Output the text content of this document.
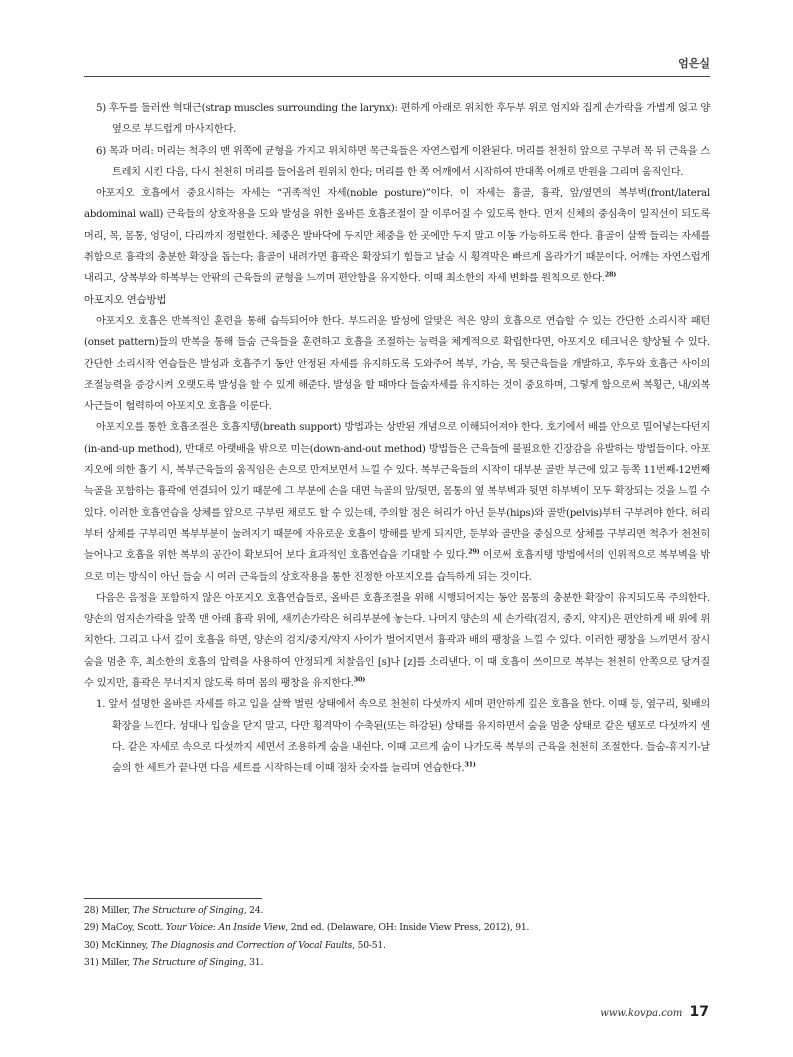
엄은실

5) 후두를 둘러싼 혁대근(strap muscles surrounding the larynx): 편하게 아래로 위치한 후두부 위로 엄지와 집게 손가락을 가볍게 얹고 양 옆으로 부드럽게 마사지한다.

6) 목과 머리: 머리는 척추의 맨 위쪽에 균형을 가지고 위치하면 목근육들은 자연스럽게 이완된다. 머리를 천천히 앞으로 구부려 목 뒤 근육을 스트레치 시킨 다음, 다시 천천히 머리를 들어올려 원위치 한다; 머리를 한 쪽 어깨에서 시작하여 반대쪽 어깨로 반원을 그리며 움직인다.

아포지오 호흡에서 중요시하는 자세는 “귀족적인 자세(noble posture)”이다. 이 자세는 흉골, 흉곽, 앞/옆면의 복부벽(front/lateral abdominal wall) 근육들의 상호작용을 도와 발성을 위한 올바른 호흡조절이 잘 이루어질 수 있도록 한다. 먼저 신체의 중심축이 일직선이 되도록 머리, 목, 몸통, 엉덩이, 다리까지 정렬한다. 체중은 발바닥에 두지만 체중을 한 곳에만 두지 말고 이동 가능하도록 한다. 흉골이 살짝 들리는 자세를 취함으로 흉곽의 충분한 확장을 돕는다; 흉골이 내려가면 흉곽은 확장되기 힘들고 날숨 시 횡격막은 빠르게 올라가기 때문이다. 어깨는 자연스럽게 내리고, 상복부와 하복부는 안팎의 근육들의 균형을 느끼며 편안함을 유지한다. 이때 최소한의 자세 변화를 원칙으로 한다.$^{28)}$

아포지오 연습방법

아포지오 호흡은 반복적인 훈련을 통해 습득되어야 한다. 부드러운 발성에 알맞은 적은 양의 호흡으로 연습할 수 있는 간단한 소리시작 패턴(onset pattern)들의 반복을 통해 들숨 근육들을 훈련하고 호흡을 조절하는 능력을 체계적으로 확립한다면, 아포지오 테크닉은 향상될 수 있다. 간단한 소리시작 연습들은 발성과 호흡주기 동안 안정된 자세를 유지하도록 도와주어 복부, 가슴, 목 뒷근육들을 개발하고, 후두와 호흡근 사이의 조절능력을 증강시켜 오랫도록 발성을 할 수 있게 해준다. 발성을 할 때마다 들숨자세를 유지하는 것이 중요하며, 그렇게 함으로써 복횡근, 내/외복사근들이 협력하여 아포지오 호흡을 이룬다.

아포지오를 통한 호흡조절은 호흡지탱(breath support) 방법과는 상반된 개념으로 이해되어져야 한다. 호기에서 배를 안으로 밀어넣는다던지(in-and-up method), 반대로 아랫배을 밖으로 미는(down-and-out method) 방법들은 근육들에 불필요한 긴장감을 유발하는 방법들이다. 아포지오에 의한 흡기 시, 복부근육들의 움직임은 손으로 만져보면서 느낄 수 있다. 복부근육들의 시작이 대부분 골반 부근에 있고 등쪽 11번째-12번째 늑골을 포함하는 흉곽에 연결되어 있기 때문에 그 부분에 손을 대면 늑골의 앞/뒷면, 몸통의 옆 복부벽과 뒷면 하부벽이 모두 확장되는 것을 느낄 수 있다. 이러한 호흡연습을 상체를 앞으로 구부린 채로도 할 수 있는데, 주의할 점은 허리가 아닌 둔부(hips)와 골반(pelvis)부터 구부려야 한다. 허리부터 상체를 구부리면 복부부분이 눌려지기 때문에 자유로운 호흡이 방해를 받게 되지만, 둔부와 골반을 중심으로 상체를 구부리면 척추가 천천히 늘어나고 호흡을 위한 복부의 공간이 확보되어 보다 효과적인 호흡연습을 기대할 수 있다.$^{29)}$ 이로써 호흡지탱 방법에서의 인위적으로 복부벽을 밖으로 미는 방식이 아닌 들숨 시 여러 근육들의 상호작용을 통한 진정한 아포지오를 습득하게 되는 것이다.

다음은 음정을 포함하지 않은 아포지오 호흡연습들로, 올바른 호흡조절을 위해 시행되어지는 동안 몸통의 충분한 확장이 유지되도록 주의한다. 양손의 엄지손가락을 앞쪽 맨 아래 흉곽 위에, 새끼손가락은 허리부분에 놓는다. 나머지 양손의 세 손가락(검지, 중지, 약지)은 편안하게 배 위에 위치한다. 그리고 나서 깊이 호흡을 하면, 양손의 검지/중지/약지 사이가 벌어지면서 흉곽과 배의 팽창을 느낄 수 있다. 이러한 팽창을 느끼면서 잠시 숨을 멈춘 후, 최소한의 호흡의 압력을 사용하여 안정되게 치찰음인 [s]나 [z]를 소리낸다. 이 때 호흡이 쓰이므로 복부는 천천히 안쪽으로 당겨질 수 있지만, 흉곽은 무너지지 않도록 하며 몸의 팽창을 유지한다.$^{30)}$

1. 앞서 설명한 올바른 자세를 하고 입을 살짝 벌린 상태에서 속으로 천천히 다섯까지 세며 편안하게 깊은 호흡을 한다. 이때 등, 옆구리, 윗배의 확장을 느낀다. 성대나 입술을 닫지 말고, 다만 횡격막이 수축된(또는 하강된) 상태를 유지하면서 숨을 멈춘 상태로 같은 템포로 다섯까지 센다. 같은 자세로 속으로 다섯까지 세면서 조용하게 숨을 내쉰다. 이때 고르게 숨이 나가도록 복부의 근육을 천천히 조절한다. 들숨-휴지기-날숨의 한 세트가 끝나면 다음 세트를 시작하는데 이때 점차 숫자를 늘리며 연습한다.$^{31)}$

28) Miller, The Structure of Singing, 24.

29) MaCoy, Scott. Your Voice: An Inside View, 2nd ed. (Delaware, OH: Inside View Press, 2012), 91.

30) McKinney, The Diagnosis and Correction of Vocal Faults, 50-51.

31) Miller, The Structure of Singing, 31.

www.kovpa.com 17
